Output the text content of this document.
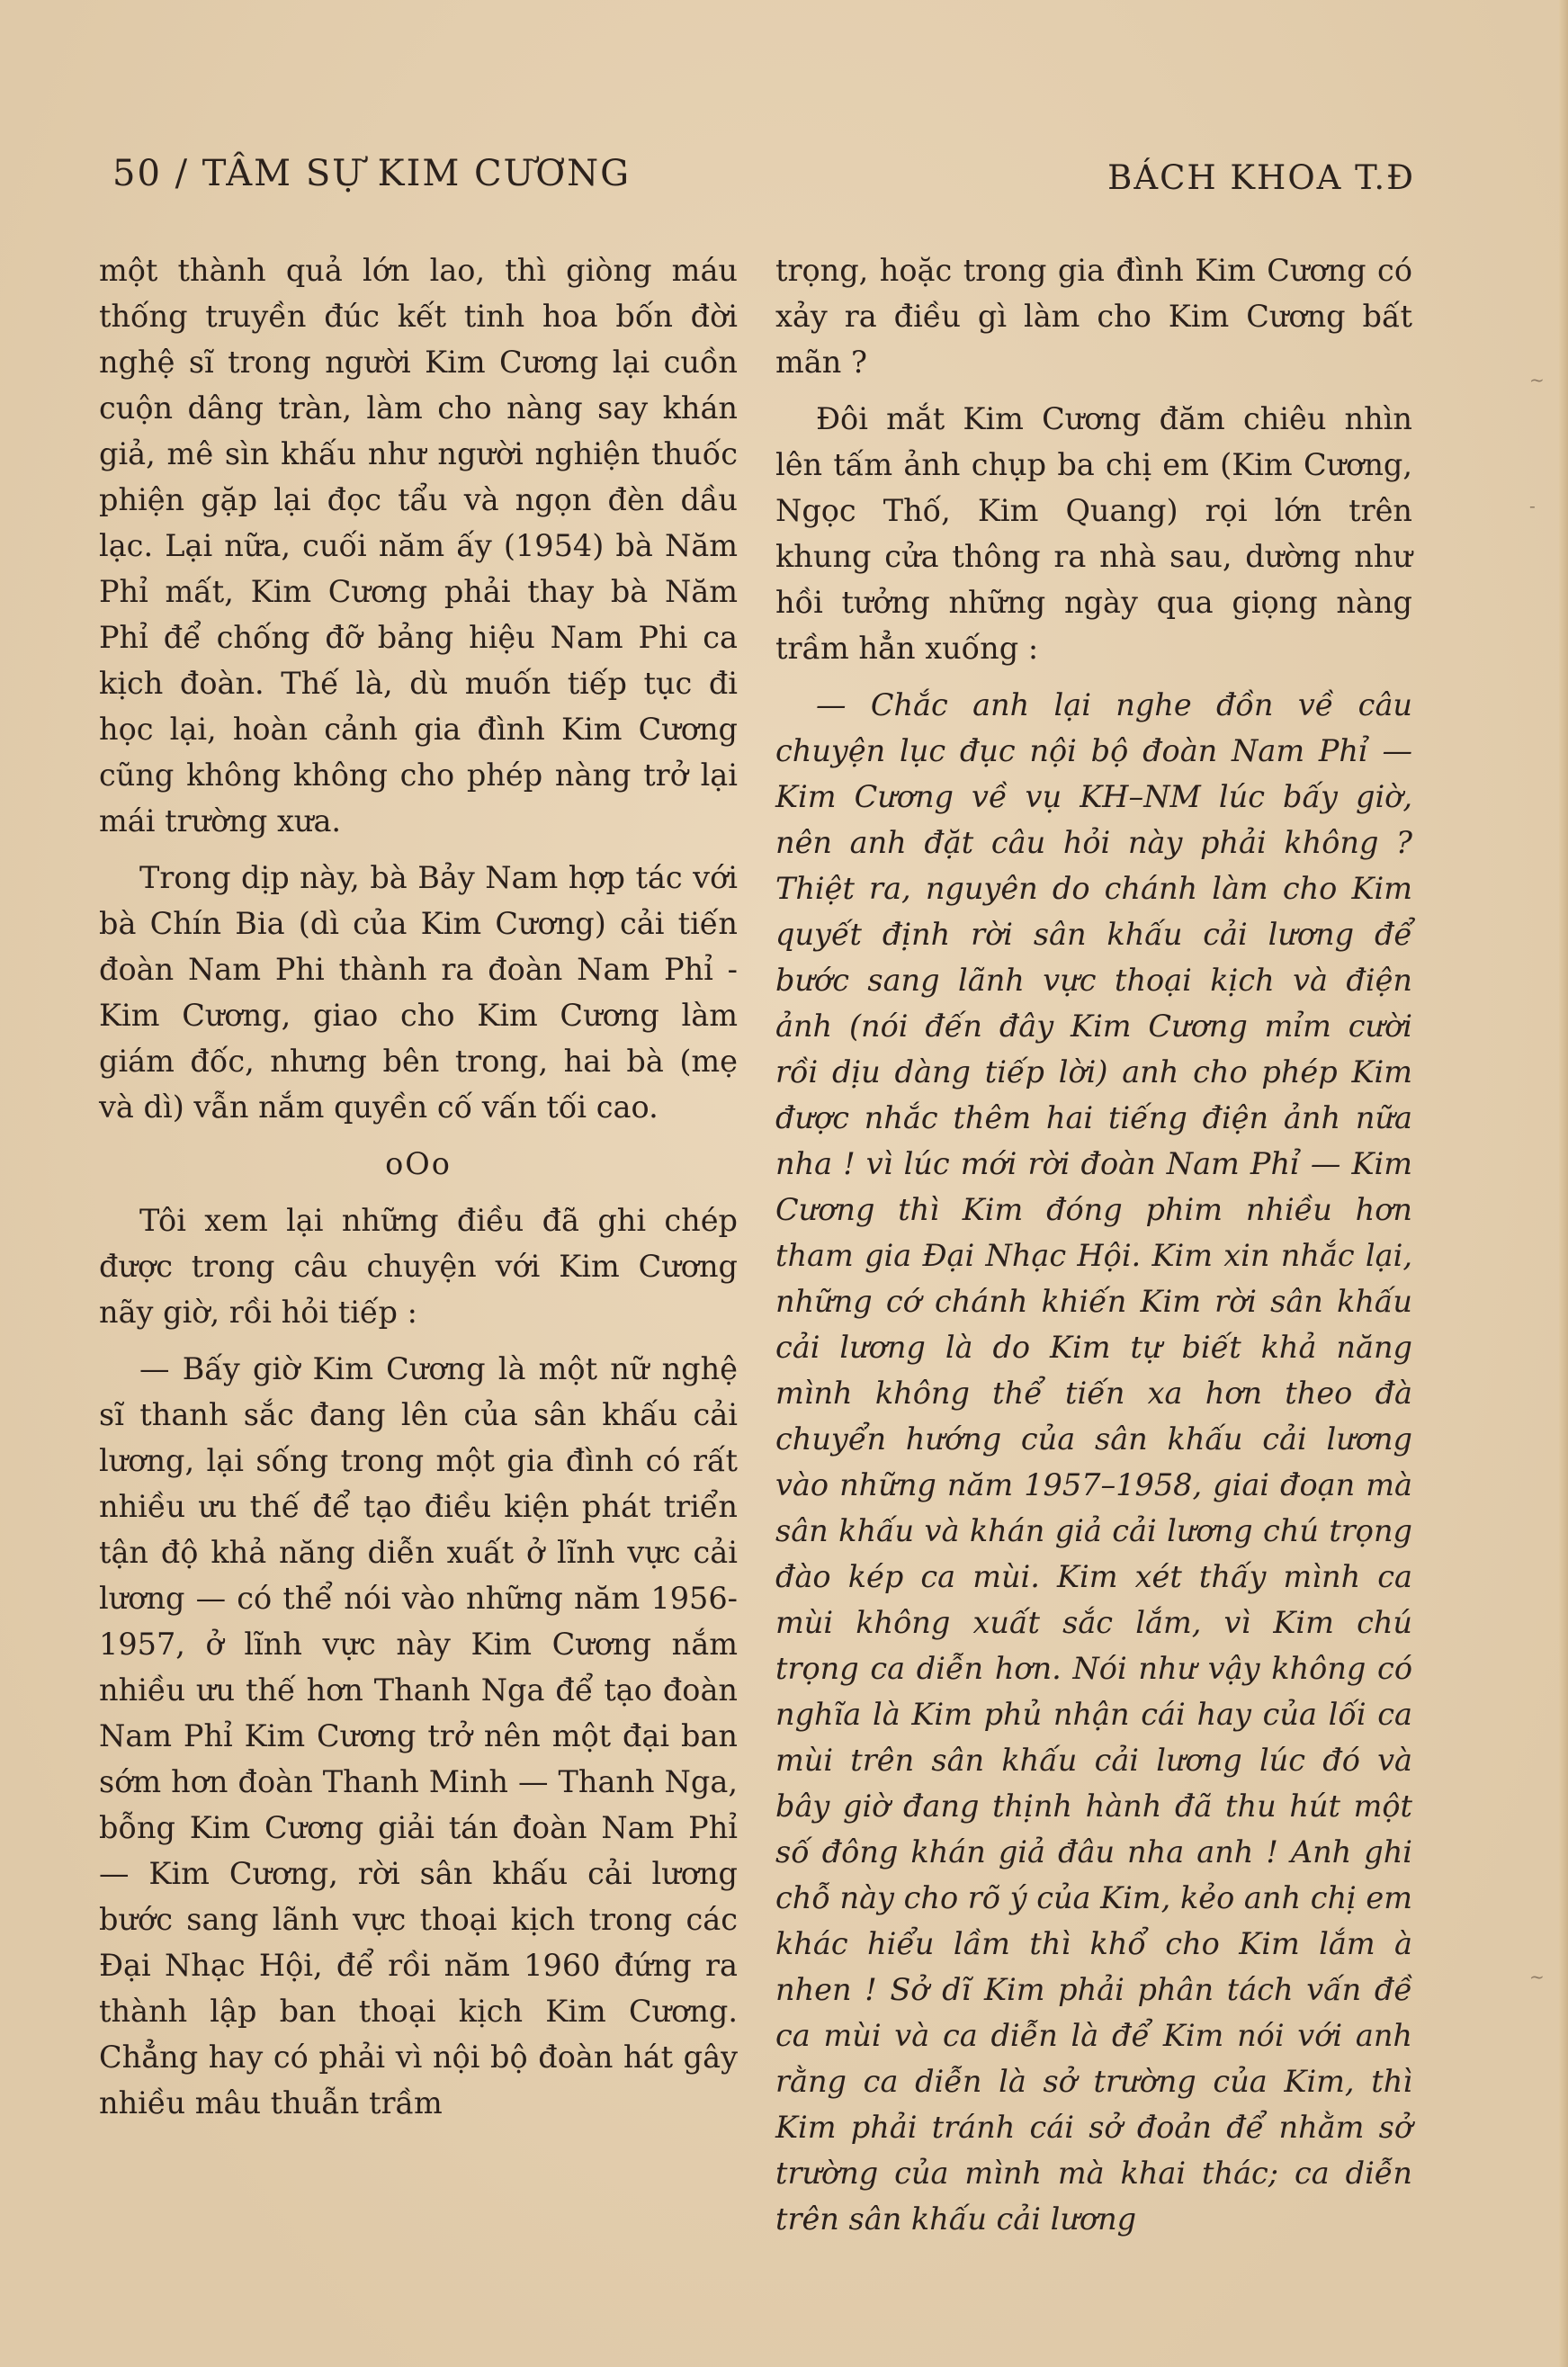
50 / TÂM SỰ KIM CƯƠNG	BÁCH KHOA T.Đ

một thành quả lớn lao, thì giòng máu thống truyền đúc kết tinh hoa bốn đời nghệ sĩ trong người Kim Cương lại cuồn cuộn dâng tràn, làm cho nàng say khán giả, mê sìn khấu như người nghiện thuốc phiện gặp lại đọc tẩu và ngọn đèn dầu lạc. Lại nữa, cuối năm ấy (1954) bà Năm Phỉ mất, Kim Cương phải thay bà Năm Phỉ để chống đỡ bảng hiệu Nam Phi ca kịch đoàn. Thế là, dù muốn tiếp tục đi học lại, hoàn cảnh gia đình Kim Cương cũng không không cho phép nàng trở lại mái trường xưa.

Trong dịp này, bà Bảy Nam hợp tác với bà Chín Bia (dì của Kim Cương) cải tiến đoàn Nam Phi thành ra đoàn Nam Phỉ - Kim Cương, giao cho Kim Cương làm giám đốc, nhưng bên trong, hai bà (mẹ và dì) vẫn nắm quyền cố vấn tối cao.

oOo

Tôi xem lại những điều đã ghi chép được trong câu chuyện với Kim Cương nãy giờ, rồi hỏi tiếp :

— Bấy giờ Kim Cương là một nữ nghệ sĩ thanh sắc đang lên của sân khấu cải lương, lại sống trong một gia đình có rất nhiều ưu thế để tạo điều kiện phát triển tận độ khả năng diễn xuất ở lĩnh vực cải lương — có thể nói vào những năm 1956-1957, ở lĩnh vực này Kim Cương nắm nhiều ưu thế hơn Thanh Nga để tạo đoàn Nam Phỉ Kim Cương trở nên một đại ban sớm hơn đoàn Thanh Minh — Thanh Nga, bỗng Kim Cương giải tán đoàn Nam Phỉ — Kim Cương, rời sân khấu cải lương bước sang lãnh vực thoại kịch trong các Đại Nhạc Hội, để rồi năm 1960 đứng ra thành lập ban thoại kịch Kim Cương. Chẳng hay có phải vì nội bộ đoàn hát gây nhiều mâu thuẫn trầm

trọng, hoặc trong gia đình Kim Cương có xảy ra điều gì làm cho Kim Cương bất mãn ?

Đôi mắt Kim Cương đăm chiêu nhìn lên tấm ảnh chụp ba chị em (Kim Cương, Ngọc Thố, Kim Quang) rọi lớn trên khung cửa thông ra nhà sau, dường như hồi tưởng những ngày qua giọng nàng trầm hẳn xuống :

— Chắc anh lại nghe đồn về câu chuyện lục đục nội bộ đoàn Nam Phỉ — Kim Cương về vụ KH–NM lúc bấy giờ, nên anh đặt câu hỏi này phải không ? Thiệt ra, nguyên do chánh làm cho Kim quyết định rời sân khấu cải lương để bước sang lãnh vực thoại kịch và điện ảnh (nói đến đây Kim Cương mỉm cười rồi dịu dàng tiếp lời) anh cho phép Kim được nhắc thêm hai tiếng điện ảnh nữa nha ! vì lúc mới rời đoàn Nam Phỉ — Kim Cương thì Kim đóng phim nhiều hơn tham gia Đại Nhạc Hội. Kim xin nhắc lại, những cớ chánh khiến Kim rời sân khấu cải lương là do Kim tự biết khả năng mình không thể tiến xa hơn theo đà chuyển hướng của sân khấu cải lương vào những năm 1957–1958, giai đoạn mà sân khấu và khán giả cải lương chú trọng đào kép ca mùi. Kim xét thấy mình ca mùi không xuất sắc lắm, vì Kim chú trọng ca diễn hơn. Nói như vậy không có nghĩa là Kim phủ nhận cái hay của lối ca mùi trên sân khấu cải lương lúc đó và bây giờ đang thịnh hành đã thu hút một số đông khán giả đâu nha anh ! Anh ghi chỗ này cho rõ ý của Kim, kẻo anh chị em khác hiểu lầm thì khổ cho Kim lắm à nhen ! Sở dĩ Kim phải phân tách vấn đề ca mùi và ca diễn là để Kim nói với anh rằng ca diễn là sở trường của Kim, thì Kim phải tránh cái sở đoản để nhằm sở trường của mình mà khai thác; ca diễn trên sân khấu cải lương

~
-
~
